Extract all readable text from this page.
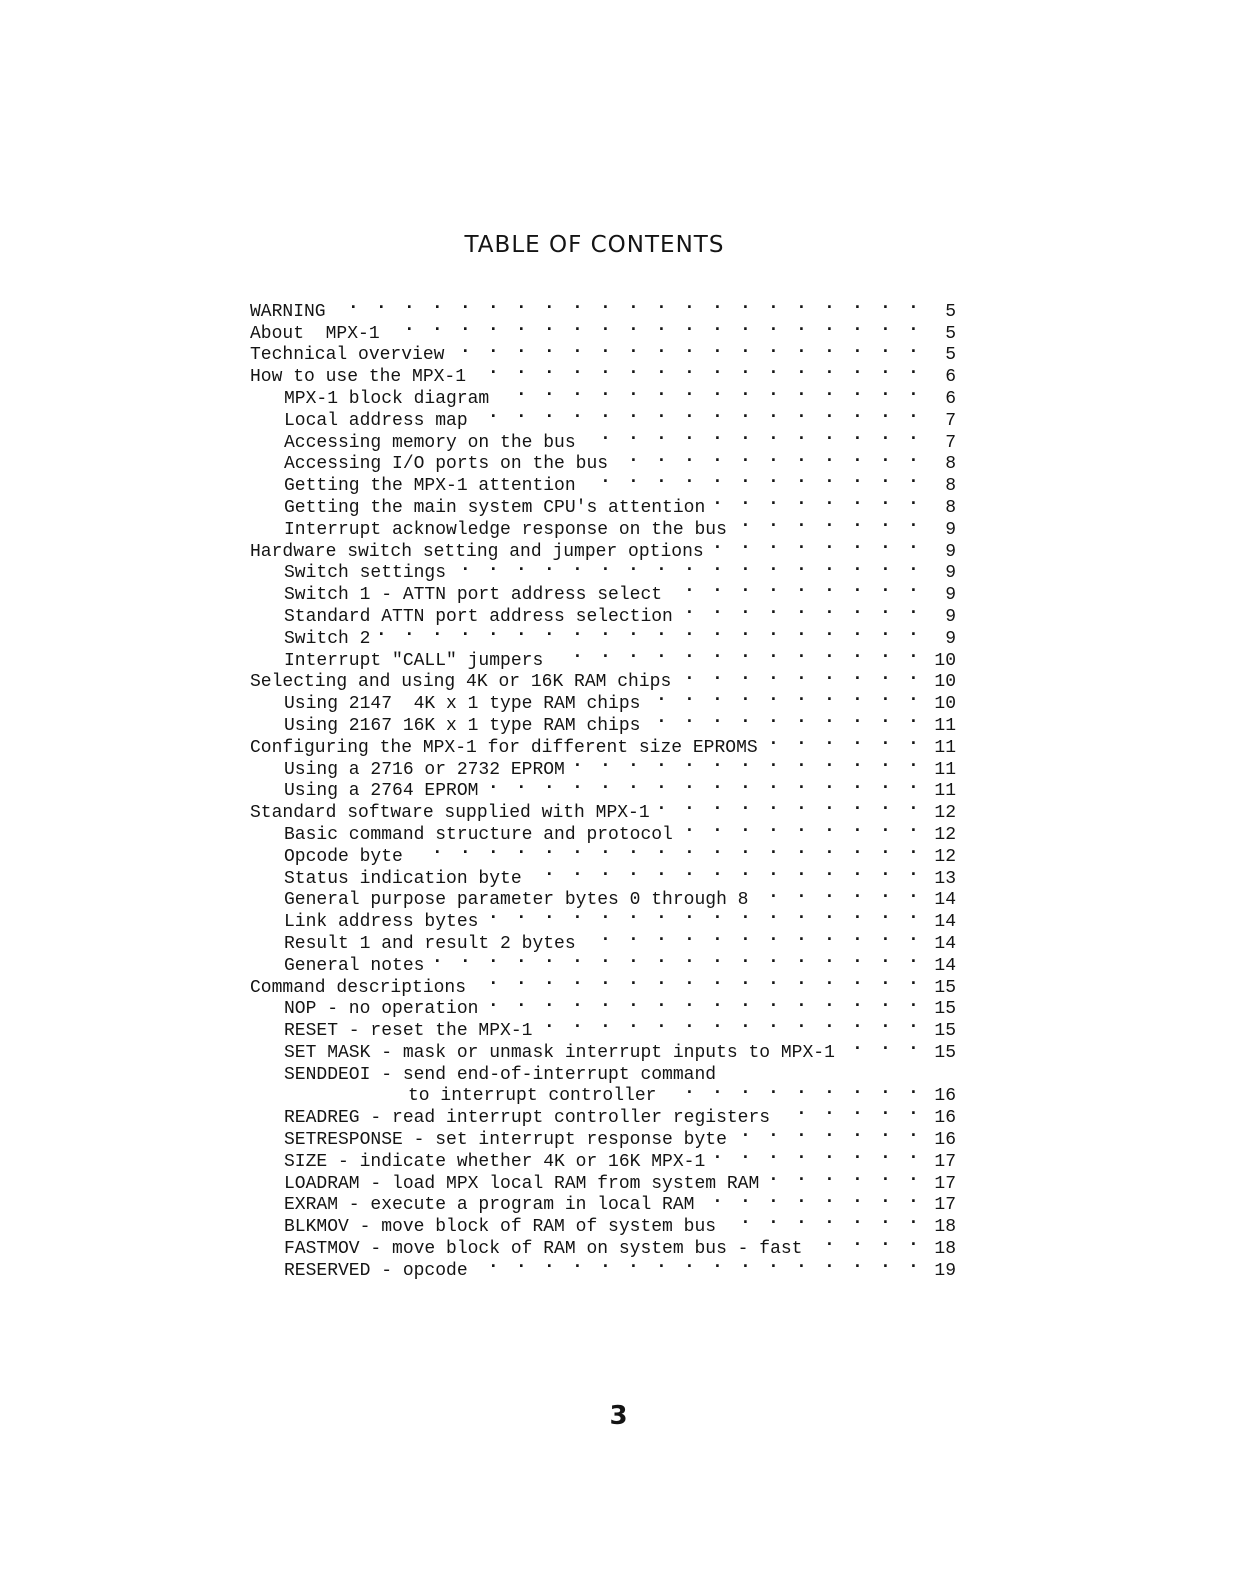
TABLE OF CONTENTS
WARNING . . .	5
About  MPX-1 . . .	5
Technical overview . . .	5
How to use the MPX-1 . . .	6
MPX-1 block diagram . . .	6
Local address map . . .	7
Accessing memory on the bus . . .	7
Accessing I/O ports on the bus . . .	8
Getting the MPX-1 attention . . .	8
Getting the main system CPU's attention . . .	8
Interrupt acknowledge response on the bus . . .	9
Hardware switch setting and jumper options . . .	9
Switch settings . . .	9
Switch 1 - ATTN port address select . . .	9
Standard ATTN port address selection . . .	9
Switch 2 . . .	9
Interrupt "CALL" jumpers . . .	10
Selecting and using 4K or 16K RAM chips . . .	10
Using 2147  4K x 1 type RAM chips . . .	10
Using 2167 16K x 1 type RAM chips . . .	11
Configuring the MPX-1 for different size EPROMS . . .	11
Using a 2716 or 2732 EPROM . . .	11
Using a 2764 EPROM . . .	11
Standard software supplied with MPX-1 . . .	12
Basic command structure and protocol . . .	12
Opcode byte . . .	12
Status indication byte . . .	13
General purpose parameter bytes 0 through 8 . . .	14
Link address bytes . . .	14
Result 1 and result 2 bytes . . .	14
General notes . . .	14
Command descriptions . . .	15
NOP - no operation . . .	15
RESET - reset the MPX-1 . . .	15
SET MASK - mask or unmask interrupt inputs to MPX-1 . . .	15
SENDDEOI - send end-of-interrupt command
to interrupt controller . . .	16
READREG - read interrupt controller registers . . .	16
SETRESPONSE - set interrupt response byte . . .	16
SIZE - indicate whether 4K or 16K MPX-1 . . .	17
LOADRAM - load MPX local RAM from system RAM . . .	17
EXRAM - execute a program in local RAM . . .	17
BLKMOV - move block of RAM of system bus . . .	18
FASTMOV - move block of RAM on system bus - fast . . .	18
RESERVED - opcode . . .	19
3
